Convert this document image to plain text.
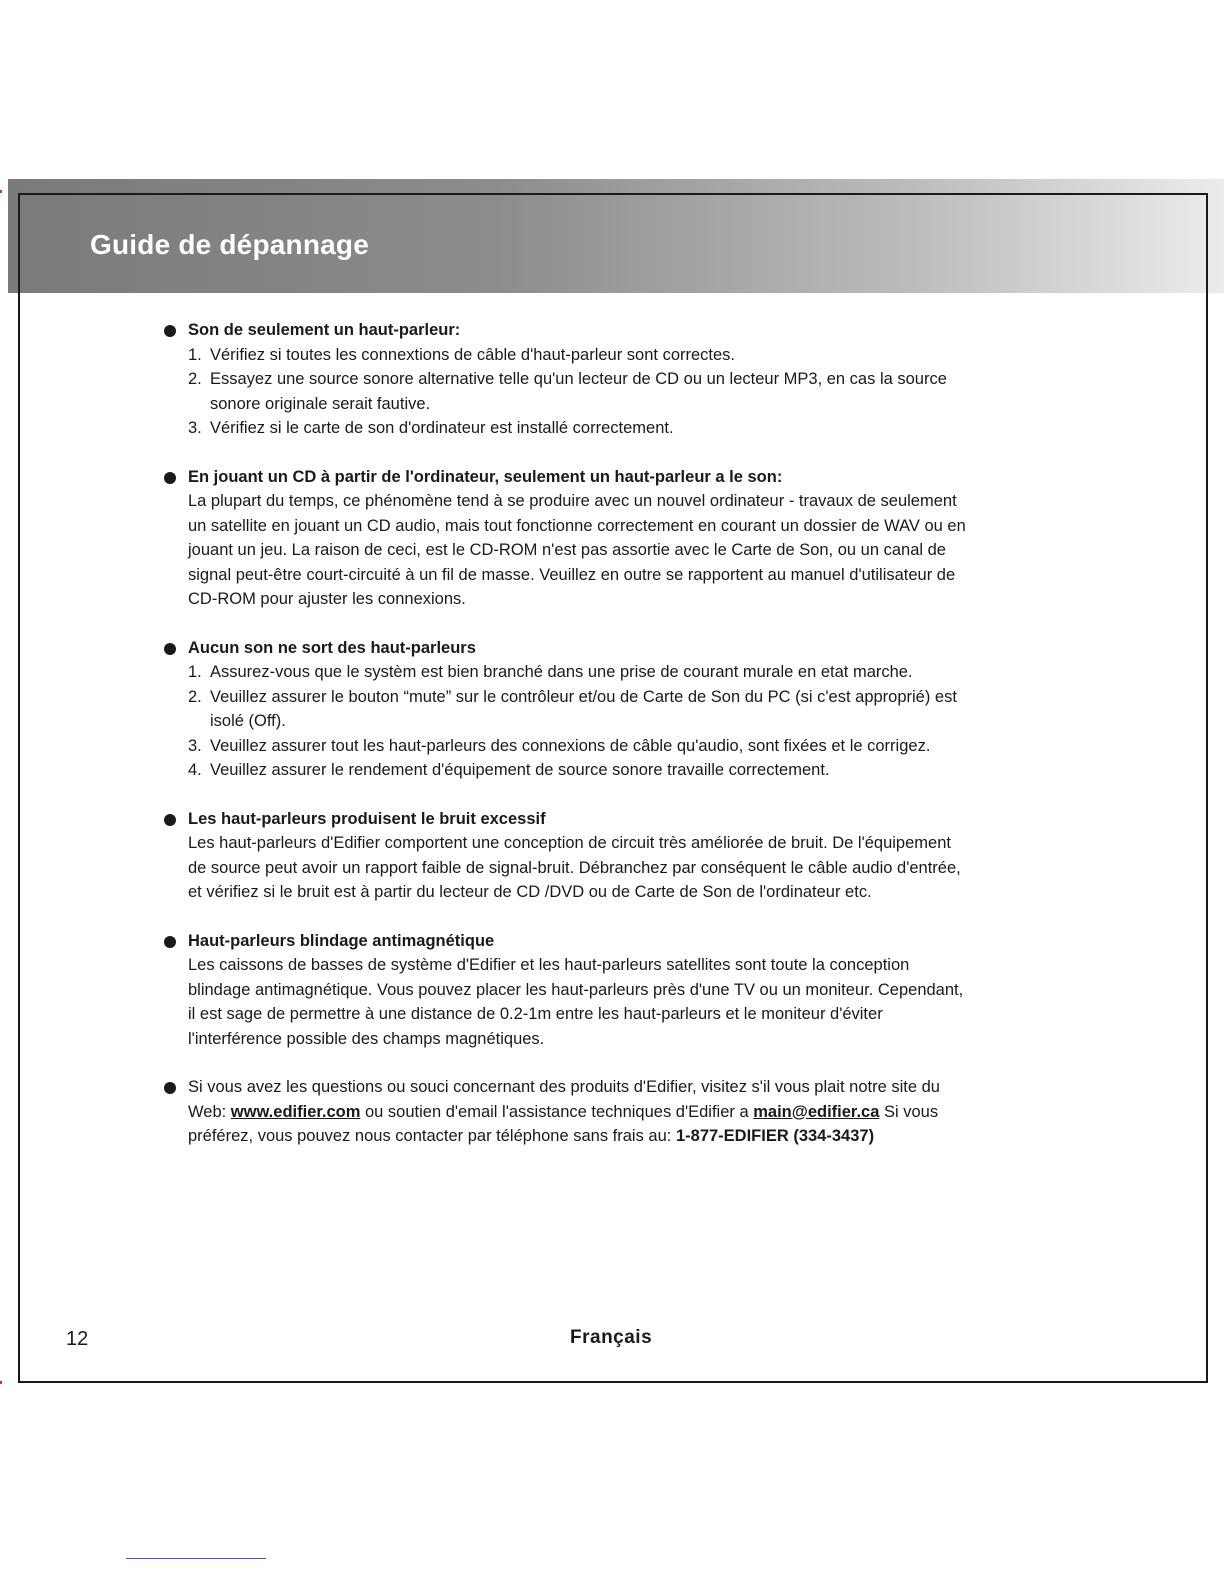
Guide de dépannage
Son de seulement un haut-parleur:
1. Vérifiez si toutes les connextions de câble d'haut-parleur sont correctes.
2. Essayez une source sonore alternative telle qu'un lecteur de CD ou un lecteur MP3, en cas la source sonore originale serait fautive.
3. Vérifiez si le carte de son d'ordinateur est installé correctement.
En jouant un CD à partir de l'ordinateur, seulement un haut-parleur a le son:
La plupart du temps, ce phénomène tend à se produire avec un nouvel ordinateur - travaux de seulement un satellite en jouant un CD audio, mais tout fonctionne correctement en courant un dossier de WAV ou en jouant un jeu. La raison de ceci, est le CD-ROM n'est pas assortie avec le Carte de Son, ou un canal de signal peut-être court-circuité à un fil de masse. Veuillez en outre se rapportent au manuel d'utilisateur de CD-ROM pour ajuster les connexions.
Aucun son ne sort des haut-parleurs
1. Assurez-vous que le systèm est bien branché dans une prise de courant murale en etat marche.
2. Veuillez assurer le bouton “mute” sur le contrôleur et/ou de Carte de Son du PC (si c'est approprié) est isolé (Off).
3. Veuillez assurer tout les haut-parleurs des connexions de câble qu'audio, sont fixées et le corrigez.
4. Veuillez assurer le rendement d'équipement de source sonore travaille correctement.
Les haut-parleurs produisent le bruit excessif
Les haut-parleurs d'Edifier comportent une conception de circuit très améliorée de bruit. De l'équipement de source peut avoir un rapport faible de signal-bruit. Débranchez par conséquent le câble audio d'entrée, et vérifiez si le bruit est à partir du lecteur de CD /DVD ou de Carte de Son de l'ordinateur etc.
Haut-parleurs blindage antimagnétique
Les caissons de basses de système d'Edifier et les haut-parleurs satellites sont toute la conception blindage antimagnétique. Vous pouvez placer les haut-parleurs près d'une TV ou un moniteur. Cependant, il est sage de permettre à une distance de 0.2-1m entre les haut-parleurs et le moniteur d'éviter l'interférence possible des champs magnétiques.
Si vous avez les questions ou souci concernant des produits d'Edifier, visitez s'il vous plait notre site du Web: www.edifier.com ou soutien d'email l'assistance techniques d'Edifier a main@edifier.ca Si vous préférez, vous pouvez nous contacter par téléphone sans frais au: 1-877-EDIFIER (334-3437)
12	Français
